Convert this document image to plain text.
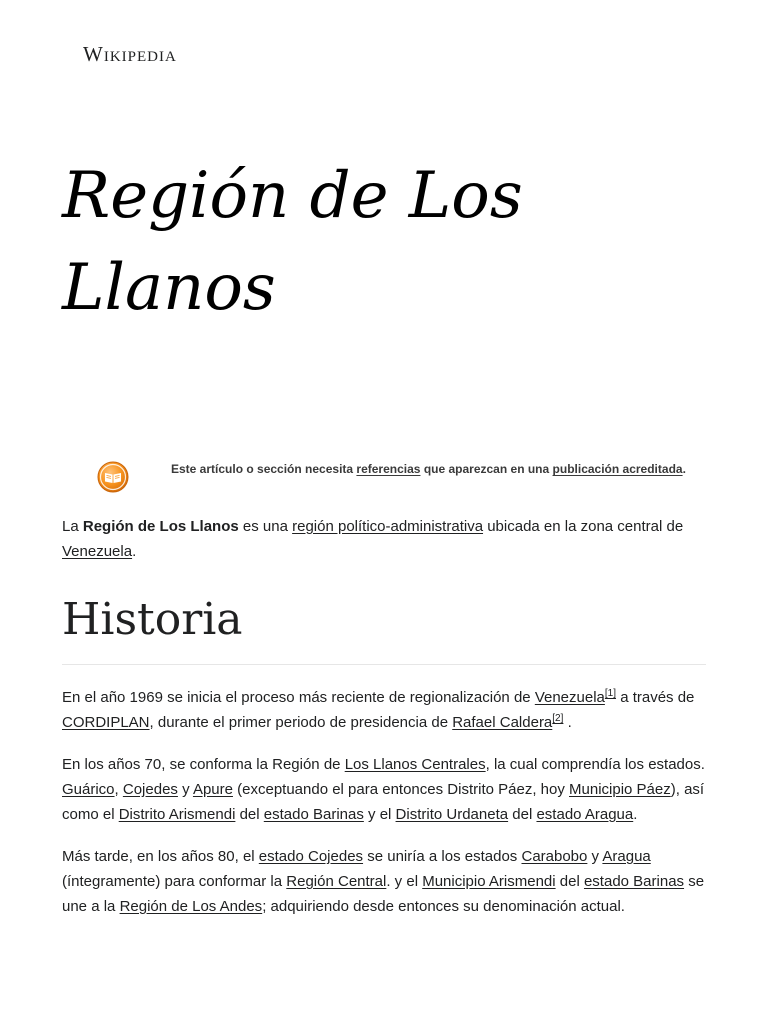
Wikipedia
Región de Los Llanos
Este artículo o sección necesita referencias que aparezcan en una publicación acreditada.

La Región de Los Llanos es una región político-administrativa ubicada en la zona central de Venezuela.

Historia

En el año 1969 se inicia el proceso más reciente de regionalización de Venezuela[1] a través de CORDIPLAN, durante el primer periodo de presidencia de Rafael Caldera[2] .

En los años 70, se conforma la Región de Los Llanos Centrales, la cual comprendía los estados. Guárico, Cojedes y Apure (exceptuando el para entonces Distrito Páez, hoy Municipio Páez), así como el Distrito Arismendi del estado Barinas y el Distrito Urdaneta del estado Aragua.

Más tarde, en los años 80, el estado Cojedes se uniría a los estados Carabobo y Aragua (íntegramente) para conformar la Región Central. y el Municipio Arismendi del estado Barinas se une a la Región de Los Andes; adquiriendo desde entonces su denominación actual.
